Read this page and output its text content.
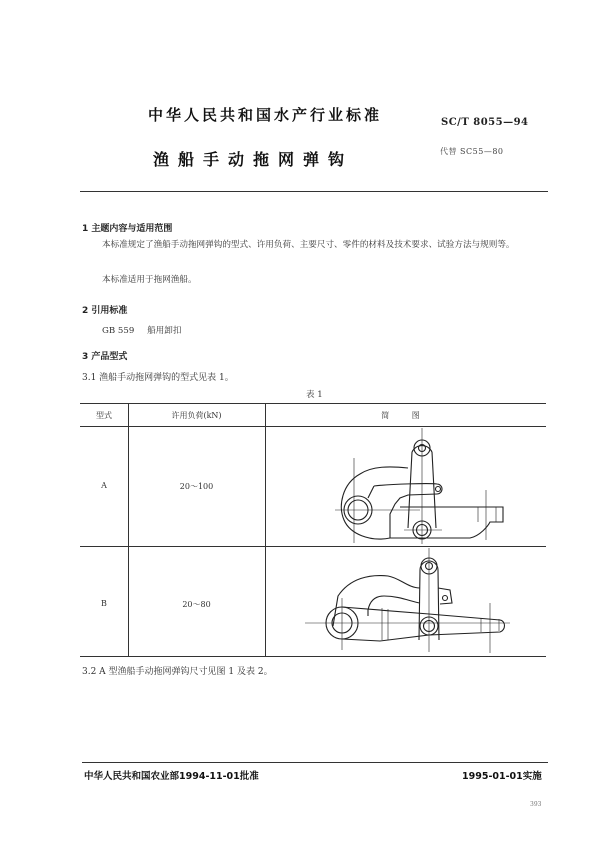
中华人民共和国水产行业标准
渔船手动拖网弹钩
SC/T 8055—94
代替 SC55—80
1 主题内容与适用范围
本标准规定了渔船手动拖网弹钩的型式、许用负荷、主要尺寸、零件的材料及技术要求、试验方法与规则等。
本标准适用于拖网渔船。
2 引用标准
GB 559 船用卸扣
3 产品型式
3.1 渔船手动拖网弹钩的型式见表 1。
表 1
型式	许用负荷(kN)	简 图
A	20～100
B	20～80
3.2 A 型渔船手动拖网弹钩尺寸见图 1 及表 2。
中华人民共和国农业部1994-11-01批准	1995-01-01实施
393
